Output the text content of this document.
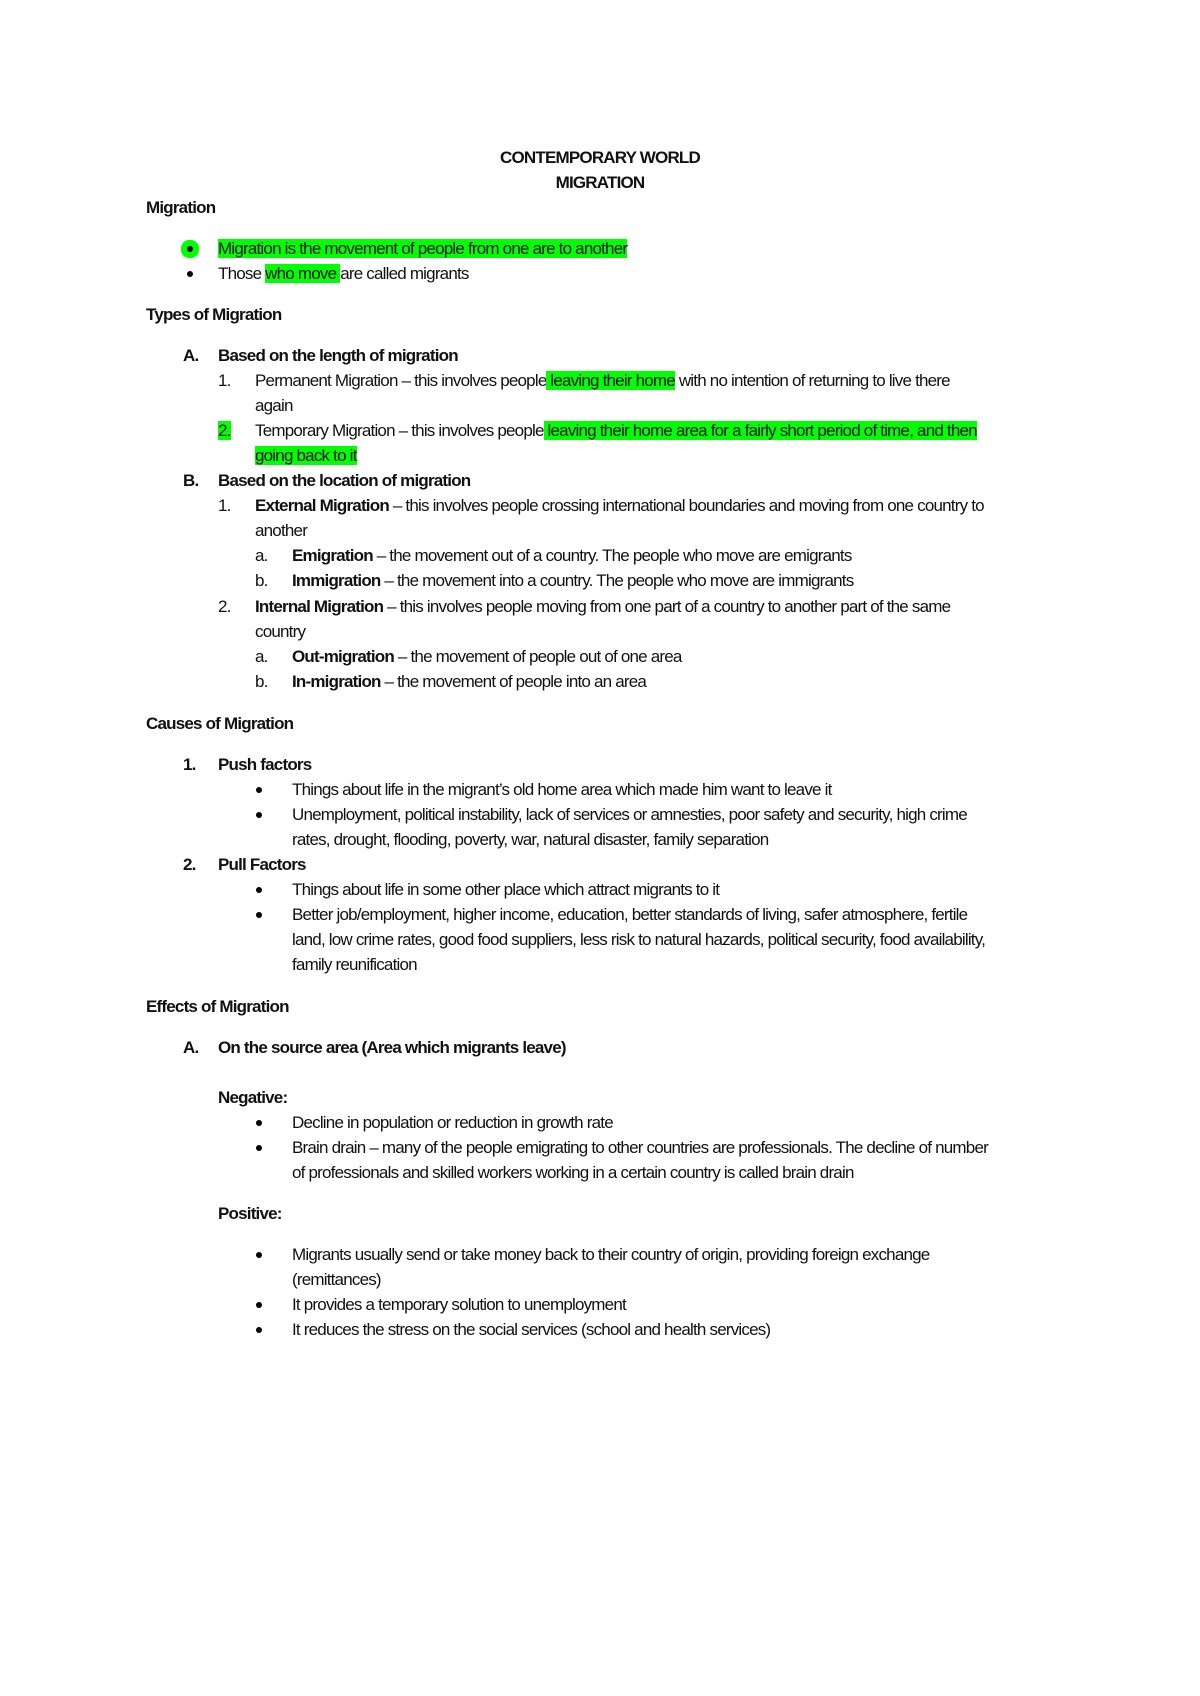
CONTEMPORARY WORLD
MIGRATION
Migration
Migration is the movement of people from one are to another
Those who move are called migrants
Types of Migration
A. Based on the length of migration
1. Permanent Migration – this involves people leaving their home with no intention of returning to live there
again
2. Temporary Migration – this involves people leaving their home area for a fairly short period of time, and then
going back to it
B. Based on the location of migration
1. External Migration – this involves people crossing international boundaries and moving from one country to
another
a. Emigration – the movement out of a country. The people who move are emigrants
b. Immigration – the movement into a country. The people who move are immigrants
2. Internal Migration – this involves people moving from one part of a country to another part of the same
country
a. Out-migration – the movement of people out of one area
b. In-migration – the movement of people into an area
Causes of Migration
1. Push factors
Things about life in the migrant’s old home area which made him want to leave it
Unemployment, political instability, lack of services or amnesties, poor safety and security, high crime
rates, drought, flooding, poverty, war, natural disaster, family separation
2. Pull Factors
Things about life in some other place which attract migrants to it
Better job/employment, higher income, education, better standards of living, safer atmosphere, fertile
land, low crime rates, good food suppliers, less risk to natural hazards, political security, food availability,
family reunification
Effects of Migration
A. On the source area (Area which migrants leave)
Negative:
Decline in population or reduction in growth rate
Brain drain – many of the people emigrating to other countries are professionals. The decline of number
of professionals and skilled workers working in a certain country is called brain drain
Positive:
Migrants usually send or take money back to their country of origin, providing foreign exchange
(remittances)
It provides a temporary solution to unemployment
It reduces the stress on the social services (school and health services)
